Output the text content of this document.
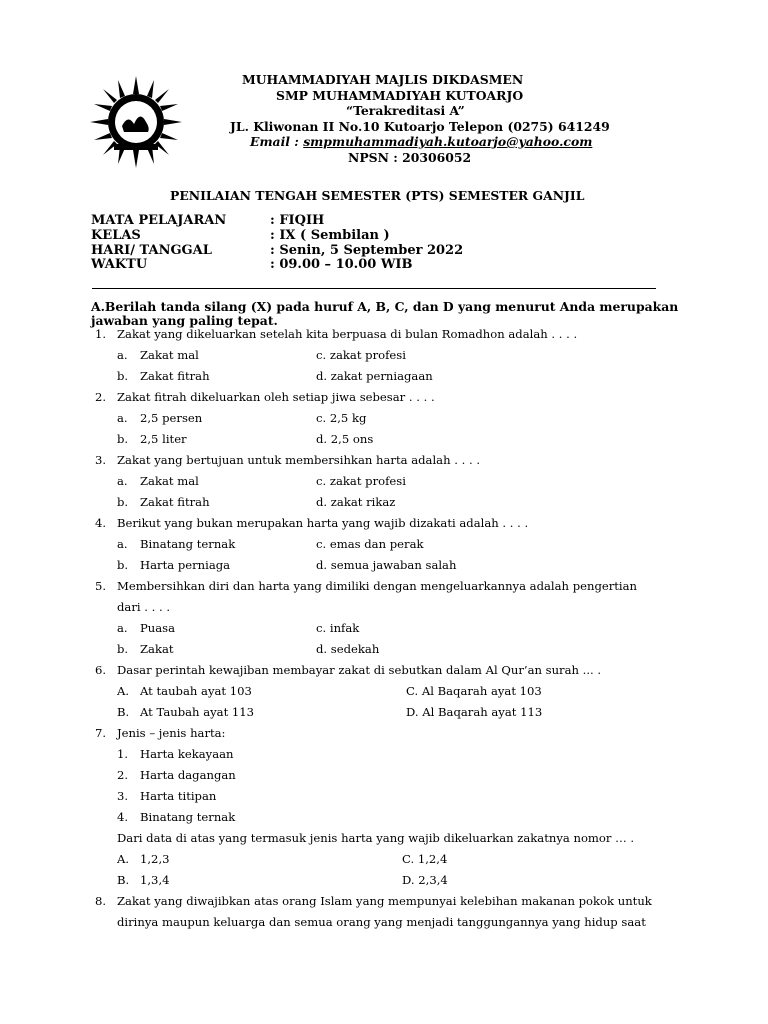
MUHAMMADIYAH MAJLIS DIKDASMEN
SMP MUHAMMADIYAH KUTOARJO
“Terakreditasi A”
JL. Kliwonan II No.10 Kutoarjo Telepon (0275) 641249
Email : smpmuhammadiyah.kutoarjo@yahoo.com
NPSN : 20306052
PENILAIAN TENGAH SEMESTER (PTS) SEMESTER GANJIL
MATA PELAJARAN	: FIQIH
KELAS	: IX ( Sembilan )
HARI/ TANGGAL	: Senin, 5 September 2022
WAKTU	: 09.00 – 10.00 WIB
A.Berilah tanda silang (X) pada huruf A, B, C, dan D yang menurut Anda merupakan
jawaban yang paling tepat.
1. Zakat yang dikeluarkan setelah kita berpuasa di bulan Romadhon adalah . . . .
a. Zakat mal	c. zakat profesi
b. Zakat fitrah	d. zakat perniagaan
2. Zakat fitrah dikeluarkan oleh setiap jiwa sebesar . . . .
a. 2,5 persen	c. 2,5 kg
b. 2,5 liter	d. 2,5 ons
3. Zakat yang bertujuan untuk membersihkan harta adalah . . . .
a. Zakat mal	c. zakat profesi
b. Zakat fitrah	d. zakat rikaz
4. Berikut yang bukan merupakan harta yang wajib dizakati adalah . . . .
a. Binatang ternak	c. emas dan perak
b. Harta perniaga	d. semua jawaban salah
5. Membersihkan diri dan harta yang dimiliki dengan mengeluarkannya adalah pengertian
dari . . . .
a. Puasa	c. infak
b. Zakat	d. sedekah
6. Dasar perintah kewajiban membayar zakat di sebutkan dalam Al Qur’an surah ... .
A. At taubah ayat 103	C. Al Baqarah ayat 103
B. At Taubah ayat 113	D. Al Baqarah ayat 113
7. Jenis – jenis harta:
1. Harta kekayaan
2. Harta dagangan
3. Harta titipan
4. Binatang ternak
Dari data di atas yang termasuk jenis harta yang wajib dikeluarkan zakatnya nomor … .
A. 1,2,3	C. 1,2,4
B. 1,3,4	D. 2,3,4
8. Zakat yang diwajibkan atas orang Islam yang mempunyai kelebihan makanan pokok untuk
dirinya maupun keluarga dan semua orang yang menjadi tanggungannya yang hidup saat
